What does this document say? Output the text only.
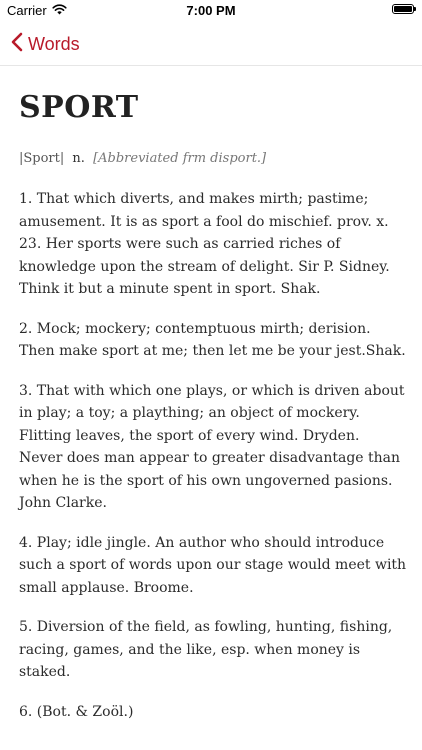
Carrier	7:00 PM
Words
SPORT
|Sport| n. [Abbreviated frm disport.]

1. That which diverts, and makes mirth; pastime; amusement. It is as sport a fool do mischief. prov. x. 23. Her sports were such as carried riches of knowledge upon the stream of delight. Sir P. Sidney. Think it but a minute spent in sport. Shak.

2. Mock; mockery; contemptuous mirth; derision. Then make sport at me; then let me be your jest.Shak.

3. That with which one plays, or which is driven about in play; a toy; a plaything; an object of mockery. Flitting leaves, the sport of every wind. Dryden. Never does man appear to greater disadvantage than when he is the sport of his own ungoverned pasions. John Clarke.

4. Play; idle jingle. An author who should introduce such a sport of words upon our stage would meet with small applause. Broome.

5. Diversion of the field, as fowling, hunting, fishing, racing, games, and the like, esp. when money is staked.

6. (Bot. & Zoöl.)
